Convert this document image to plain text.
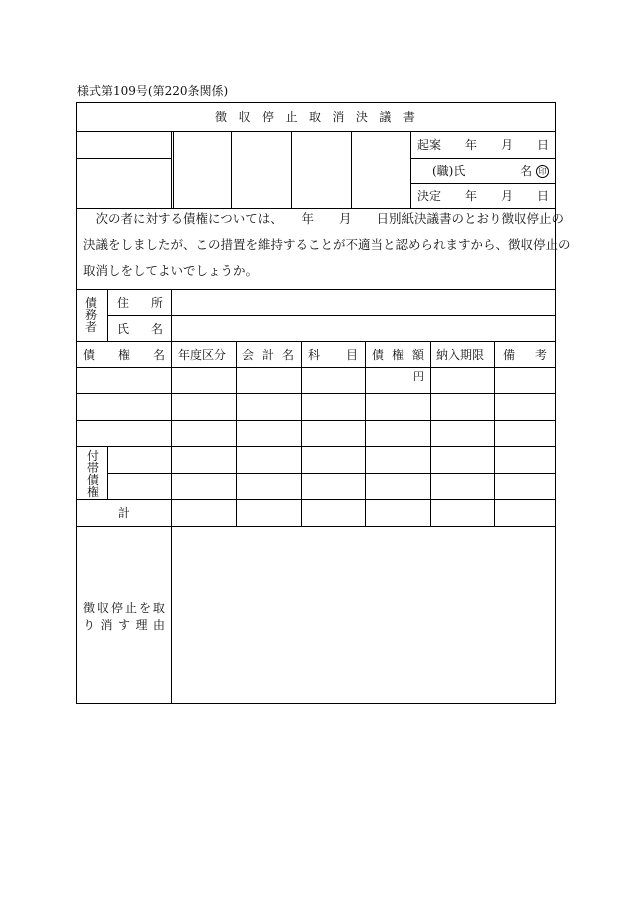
様式第109号(第220条関係)
徴 収 停 止 取 消 決 議 書
起案 年 月 日
(職)氏	名 印
決定 年 月 日
　次の者に対する債権については、　　年　　月　　日別紙決議書のとおり徴収停止の
決議をしましたが、この措置を維持することが不適当と認められますから、徴収停止の
取消しをしてよいでしょうか。
債
務
者
住 所
氏 名
債 権 名 年度区分 会 計 名 科 目 債 権 額 納入期限 備 考
円
付
帯
債
権
計
徴 収 停 止 を 取
り 消 す 理 由
